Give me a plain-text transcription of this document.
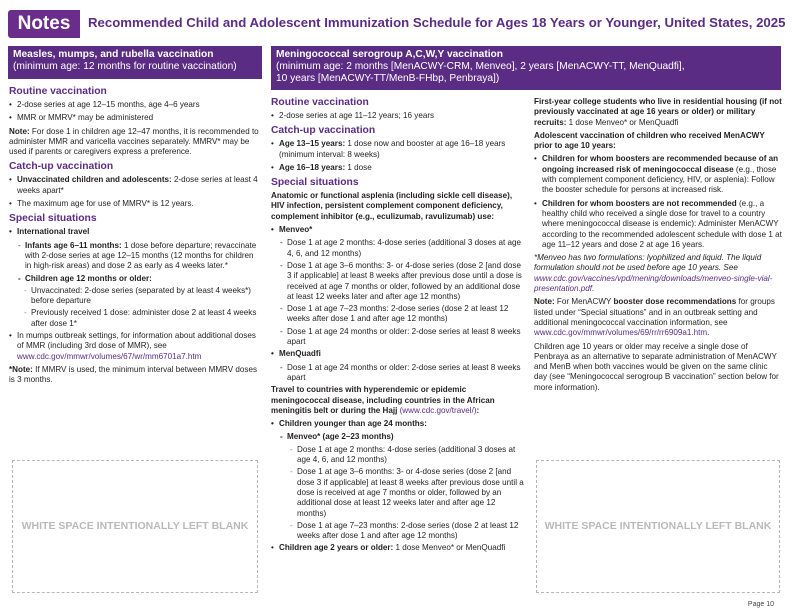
Notes	Recommended Child and Adolescent Immunization Schedule for Ages 18 Years or Younger, United States, 2025
Measles, mumps, and rubella vaccination
(minimum age: 12 months for routine vaccination)
Routine vaccination
• 2-dose series at age 12–15 months, age 4–6 years
• MMR or MMRV* may be administered

Note: For dose 1 in children age 12–47 months, it is recommended to administer MMR and varicella vaccines separately. MMRV* may be used if parents or caregivers express a preference.

Catch-up vaccination
• Unvaccinated children and adolescents: 2-dose series at least 4 weeks apart*
• The maximum age for use of MMRV* is 12 years.
Special situations
• International travel
- Infants age 6–11 months: 1 dose before departure; revaccinate with 2-dose series at age 12–15 months (12 months for children in high-risk areas) and dose 2 as early as 4 weeks later.*
- Children age 12 months or older:
- Unvaccinated: 2-dose series (separated by at least 4 weeks*) before departure
- Previously received 1 dose: administer dose 2 at least 4 weeks after dose 1*
• In mumps outbreak settings, for information about additional doses of MMR (including 3rd dose of MMR), see www.cdc.gov/mmwr/volumes/67/wr/mm6701a7.htm

*Note: If MMRV is used, the minimum interval between MMRV doses is 3 months.

WHITE SPACE INTENTIONALLY LEFT BLANK
Meningococcal serogroup A,C,W,Y vaccination
(minimum age: 2 months [MenACWY-CRM, Menveo], 2 years [MenACWY-TT, MenQuadfi],
10 years [MenACWY-TT/MenB-FHbp, Penbraya])
Routine vaccination
• 2-dose series at age 11–12 years; 16 years
Catch-up vaccination
• Age 13–15 years: 1 dose now and booster at age 16–18 years (minimum interval: 8 weeks)
• Age 16–18 years: 1 dose
Special situations

Anatomic or functional asplenia (including sickle cell disease), HIV infection, persistent complement component deficiency, complement inhibitor (e.g., eculizumab, ravulizumab) use:

• Menveo*
- Dose 1 at age 2 months: 4-dose series (additional 3 doses at age 4, 6, and 12 months)
- Dose 1 at age 3–6 months: 3- or 4-dose series (dose 2 [and dose 3 if applicable] at least 8 weeks after previous dose until a dose is received at age 7 months or older, followed by an additional dose at least 12 weeks later and after age 12 months)
- Dose 1 at age 7–23 months: 2-dose series (dose 2 at least 12 weeks after dose 1 and after age 12 months)
- Dose 1 at age 24 months or older: 2-dose series at least 8 weeks apart
• MenQuadfi
- Dose 1 at age 24 months or older: 2-dose series at least 8 weeks apart

Travel to countries with hyperendemic or epidemic meningococcal disease, including countries in the African meningitis belt or during the Hajj (www.cdc.gov/travel/):

• Children younger than age 24 months:
- Menveo* (age 2–23 months)
- Dose 1 at age 2 months: 4-dose series (additional 3 doses at age 4, 6, and 12 months)
- Dose 1 at age 3–6 months: 3- or 4-dose series (dose 2 [and dose 3 if applicable] at least 8 weeks after previous dose until a dose is received at age 7 months or older, followed by an additional dose at least 12 weeks later and after age 12 months)
- Dose 1 at age 7–23 months: 2-dose series (dose 2 at least 12 weeks after dose 1 and after age 12 months)
• Children age 2 years or older: 1 dose Menveo* or MenQuadfi

First-year college students who live in residential housing (if not previously vaccinated at age 16 years or older) or military recruits: 1 dose Menveo* or MenQuadfi

Adolescent vaccination of children who received MenACWY prior to age 10 years:

• Children for whom boosters are recommended because of an ongoing increased risk of meningococcal disease (e.g., those with complement component deficiency, HIV, or asplenia): Follow the booster schedule for persons at increased risk.
• Children for whom boosters are not recommended (e.g., a healthy child who received a single dose for travel to a country where meningococcal disease is endemic): Administer MenACWY according to the recommended adolescent schedule with dose 1 at age 11–12 years and dose 2 at age 16 years.

*Menveo has two formulations: lyophilized and liquid. The liquid formulation should not be used before age 10 years. See www.cdc.gov/vaccines/vpd/mening/downloads/menveo-single-vial-presentation.pdf.

Note: For MenACWY booster dose recommendations for groups listed under “Special situations” and in an outbreak setting and additional meningococcal vaccination information, see www.cdc.gov/mmwr/volumes/69/rr/rr6909a1.htm.

Children age 10 years or older may receive a single dose of Penbraya as an alternative to separate administration of MenACWY and MenB when both vaccines would be given on the same clinic day (see “Meningococcal serogroup B vaccination” section below for more information).

WHITE SPACE INTENTIONALLY LEFT BLANK
Page 10
